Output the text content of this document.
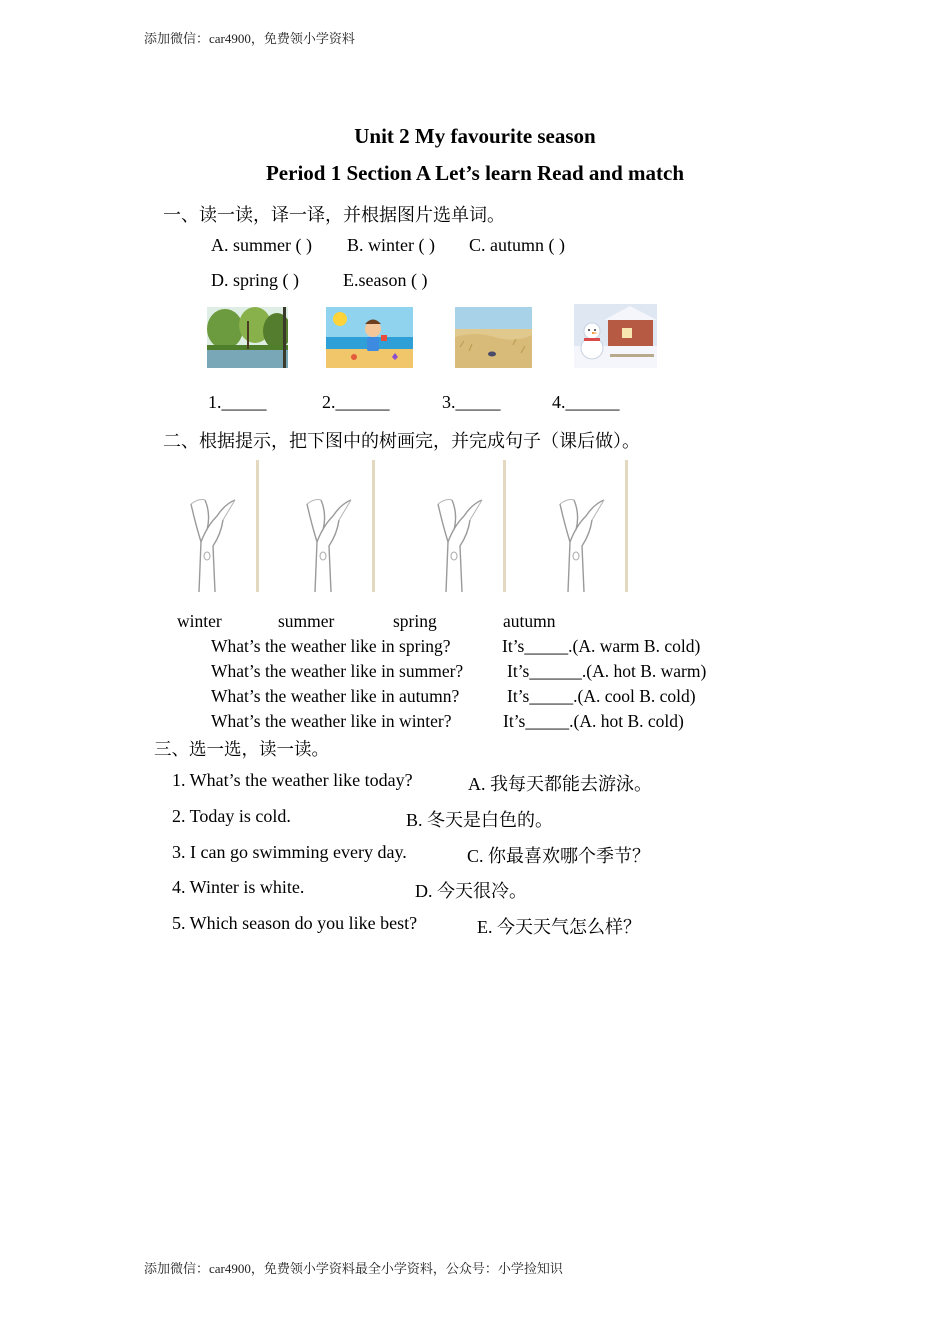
添加微信：car4900，免费领小学资料
Unit 2 My favourite season
Period 1 Section A Let’s learn Read and match
一、读一读，译一译，并根据图片选单词。
A. summer ( ) B. winter ( ) C. autumn ( )
D. spring ( ) E.season ( )
1._____	2.______	3._____	4.______
二、根据提示，把下图中的树画完，并完成句子（课后做）。
winter	summer	spring	autumn
What’s the weather like in spring?	It’s_____.(A. warm B. cold)
What’s the weather like in summer?	It’s______.(A. hot B. warm)
What’s the weather like in autumn?	It’s_____.(A. cool B. cold)
What’s the weather like in winter?	It’s_____.(A. hot B. cold)
三、选一选，读一读。
1. What’s the weather like today?	A. 我每天都能去游泳。
2. Today is cold.	B. 冬天是白色的。
3. I can go swimming every day.	C. 你最喜欢哪个季节？
4. Winter is white.	D. 今天很冷。
5. Which season do you like best?	E. 今天天气怎么样？
添加微信：car4900，免费领小学资料最全小学资料，公众号：小学捡知识
